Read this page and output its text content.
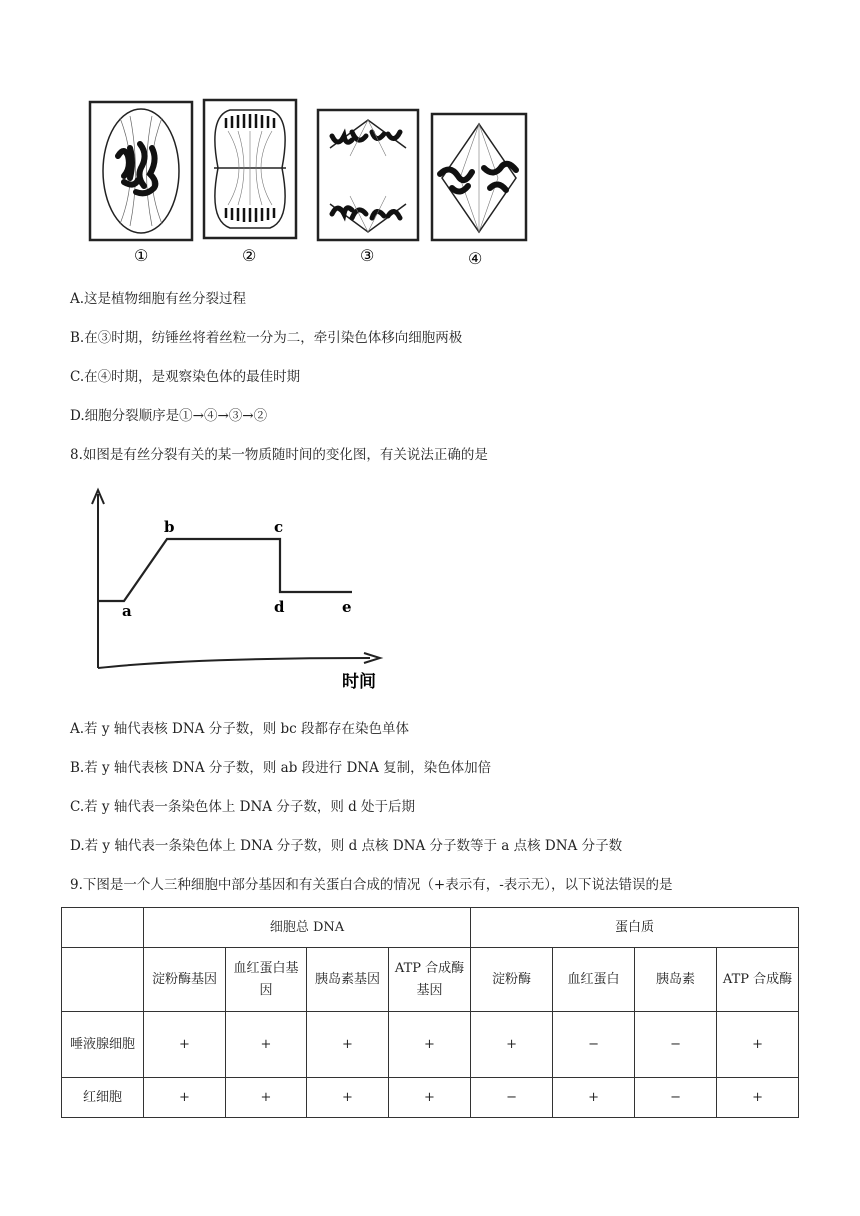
①	②	③	④
A.这是植物细胞有丝分裂过程
B.在③时期，纺锤丝将着丝粒一分为二，牵引染色体移向细胞两极
C.在④时期，是观察染色体的最佳时期
D.细胞分裂顺序是①→④→③→②
8.如图是有丝分裂有关的某一物质随时间的变化图，有关说法正确的是
a
b	c
d	e
时间
A.若 y 轴代表核 DNA 分子数，则 bc 段都存在染色单体
B.若 y 轴代表核 DNA 分子数，则 ab 段进行 DNA 复制，染色体加倍
C.若 y 轴代表一条染色体上 DNA 分子数，则 d 处于后期
D.若 y 轴代表一条染色体上 DNA 分子数，则 d 点核 DNA 分子数等于 a 点核 DNA 分子数
9.下图是一个人三种细胞中部分基因和有关蛋白合成的情况（+表示有，-表示无），以下说法错误的是
	细胞总 DNA				蛋白质			
	淀粉酶基因	血红蛋白基因	胰岛素基因	ATP 合成酶基因	淀粉酶	血红蛋白	胰岛素	ATP 合成酶
唾液腺细胞	+	+	+	+	+	−	−	+
红细胞	+	+	+	+	−	+	−	+
